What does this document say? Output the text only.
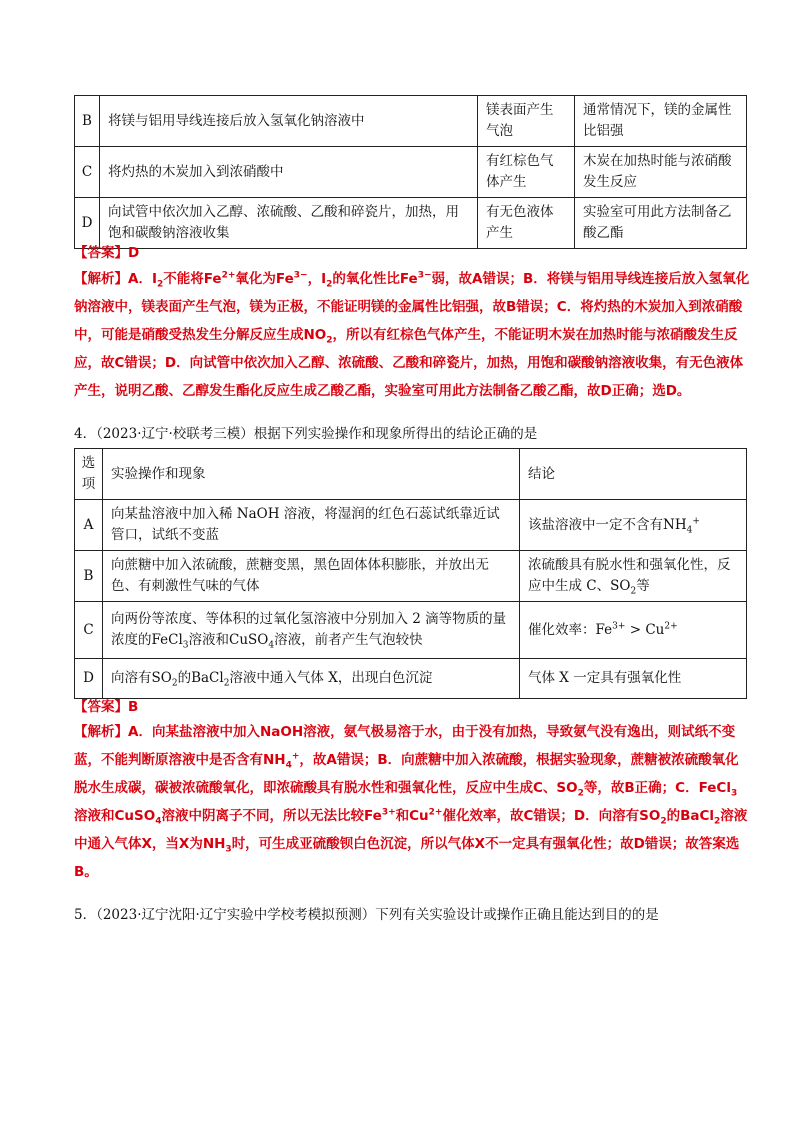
B	将镁与铝用导线连接后放入氢氧化钠溶液中	镁表面产生气泡	通常情况下，镁的金属性比铝强
C	将灼热的木炭加入到浓硝酸中	有红棕色气体产生	木炭在加热时能与浓硝酸发生反应
D	向试管中依次加入乙醇、浓硫酸、乙酸和碎瓷片，加热，用饱和碳酸钠溶液收集	有无色液体产生	实验室可用此方法制备乙酸乙酯
【答案】D
【解析】A．$I_2$不能将$Fe^{2+}$氧化为$Fe^{3-}$，$I_2$的氧化性比$Fe^{3-}$弱，故A错误；B．将镁与铝用导线连接后放入氢氧化钠溶液中，镁表面产生气泡，镁为正极，不能证明镁的金属性比铝强，故B错误；C．将灼热的木炭加入到浓硝酸中，可能是硝酸受热发生分解反应生成$NO_2$，所以有红棕色气体产生，不能证明木炭在加热时能与浓硝酸发生反应，故C错误；D．向试管中依次加入乙醇、浓硫酸、乙酸和碎瓷片，加热，用饱和碳酸钠溶液收集，有无色液体产生，说明乙酸、乙醇发生酯化反应生成乙酸乙酯，实验室可用此方法制备乙酸乙酯，故D正确；选D。
4．（2023·辽宁·校联考三模）根据下列实验操作和现象所得出的结论正确的是
选项	实验操作和现象	结论
A	向某盐溶液中加入稀 NaOH 溶液，将湿润的红色石蕊试纸靠近试管口，试纸不变蓝	该盐溶液中一定不含有$NH_4^+$
B	向蔗糖中加入浓硫酸，蔗糖变黑，黑色固体体积膨胀，并放出无色、有刺激性气味的气体	浓硫酸具有脱水性和强氧化性，反应中生成 C、$SO_2$等
C	向两份等浓度、等体积的过氧化氢溶液中分别加入 2 滴等物质的量浓度的FeCl$_3$溶液和CuSO$_4$溶液，前者产生气泡较快	催化效率：$Fe^{3+} > Cu^{2+}$
D	向溶有$SO_2$的BaCl$_2$溶液中通入气体 X，出现白色沉淀	气体 X 一定具有强氧化性
【答案】B
【解析】A．向某盐溶液中加入NaOH溶液，氨气极易溶于水，由于没有加热，导致氨气没有逸出，则试纸不变蓝，不能判断原溶液中是否含有$NH_4^+$，故A错误；B．向蔗糖中加入浓硫酸，根据实验现象，蔗糖被浓硫酸氧化脱水生成碳，碳被浓硫酸氧化，即浓硫酸具有脱水性和强氧化性，反应中生成C、$SO_2$等，故B正确；C．FeCl$_3$溶液和CuSO$_4$溶液中阴离子不同，所以无法比较$Fe^{3+}$和$Cu^{2+}$催化效率，故C错误；D．向溶有$SO_2$的BaCl$_2$溶液中通入气体X，当X为$NH_3$时，可生成亚硫酸钡白色沉淀，所以气体X不一定具有强氧化性；故D错误；故答案选B。
5．（2023·辽宁沈阳·辽宁实验中学校考模拟预测）下列有关实验设计或操作正确且能达到目的的是
